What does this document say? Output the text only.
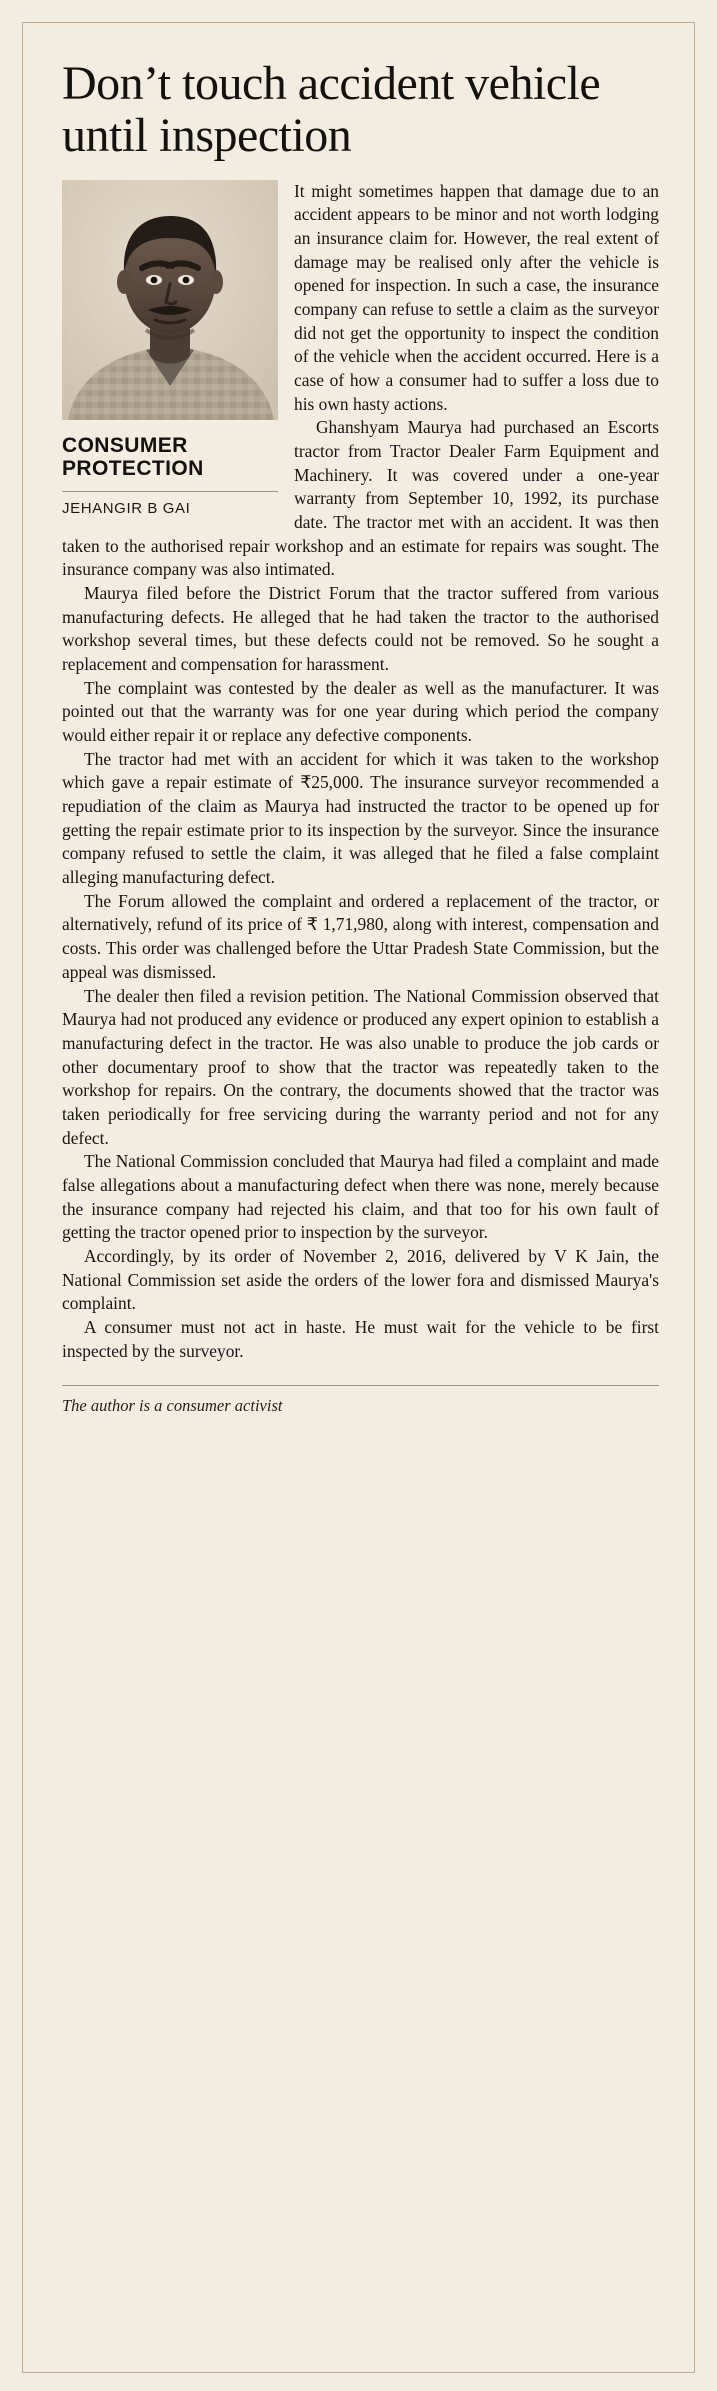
Don’t touch accident vehicle until inspection
CONSUMER PROTECTION
JEHANGIR B GAI

It might sometimes happen that damage due to an accident appears to be minor and not worth lodging an insurance claim for. However, the real extent of damage may be realised only after the vehicle is opened for inspection. In such a case, the insurance company can refuse to settle a claim as the surveyor did not get the opportunity to inspect the condition of the vehicle when the accident occurred. Here is a case of how a consumer had to suffer a loss due to his own hasty actions.

Ghanshyam Maurya had purchased an Escorts tractor from Tractor Dealer Farm Equipment and Machinery. It was covered under a one-year warranty from September 10, 1992, its purchase date. The tractor met with an accident. It was then taken to the authorised repair workshop and an estimate for repairs was sought. The insurance company was also intimated.

Maurya filed before the District Forum that the tractor suffered from various manufacturing defects. He alleged that he had taken the tractor to the authorised workshop several times, but these defects could not be removed. So he sought a replacement and compensation for harassment.

The complaint was contested by the dealer as well as the manufacturer. It was pointed out that the warranty was for one year during which period the company would either repair it or replace any defective components.

The tractor had met with an accident for which it was taken to the workshop which gave a repair estimate of ₹25,000. The insurance surveyor recommended a repudiation of the claim as Maurya had instructed the tractor to be opened up for getting the repair estimate prior to its inspection by the surveyor. Since the insurance company refused to settle the claim, it was alleged that he filed a false complaint alleging manufacturing defect.

The Forum allowed the complaint and ordered a replacement of the tractor, or alternatively, refund of its price of ₹ 1,71,980, along with interest, compensation and costs. This order was challenged before the Uttar Pradesh State Commission, but the appeal was dismissed.

The dealer then filed a revision petition. The National Commission observed that Maurya had not produced any evidence or produced any expert opinion to establish a manufacturing defect in the tractor. He was also unable to produce the job cards or other documentary proof to show that the tractor was repeatedly taken to the workshop for repairs. On the contrary, the documents showed that the tractor was taken periodically for free servicing during the warranty period and not for any defect.

The National Commission concluded that Maurya had filed a complaint and made false allegations about a manufacturing defect when there was none, merely because the insurance company had rejected his claim, and that too for his own fault of getting the tractor opened prior to inspection by the surveyor.

Accordingly, by its order of November 2, 2016, delivered by V K Jain, the National Commission set aside the orders of the lower fora and dismissed Maurya's complaint.

A consumer must not act in haste. He must wait for the vehicle to be first inspected by the surveyor.

The author is a consumer activist
